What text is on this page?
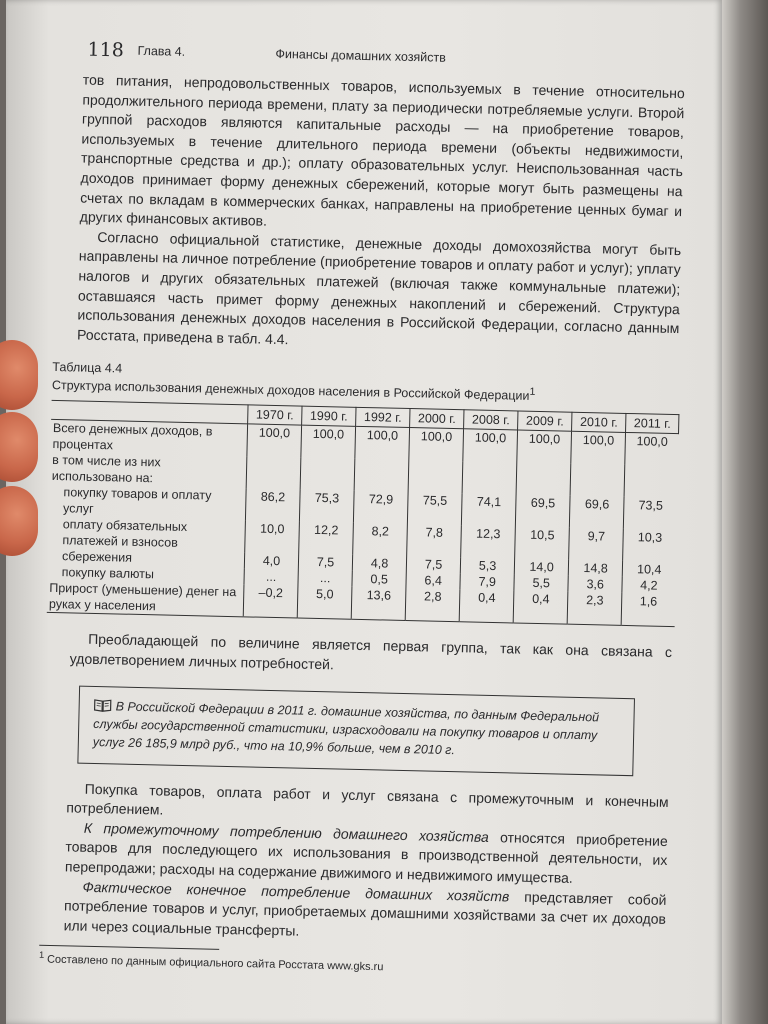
118 Глава 4.	Финансы домашних хозяйств

тов питания, непродовольственных товаров, используемых в течение относительно продолжительного периода времени, плату за периодически потребляемые услуги. Второй группой расходов являются капитальные расходы — на приобретение товаров, используемых в течение длительного периода времени (объекты недвижимости, транспортные средства и др.); оплату образовательных услуг. Неиспользованная часть доходов принимает форму денежных сбережений, которые могут быть размещены на счетах по вкладам в коммерческих банках, направлены на приобретение ценных бумаг и других финансовых активов.

Согласно официальной статистике, денежные доходы домохозяйства могут быть направлены на личное потребление (приобретение товаров и оплату работ и услуг); уплату налогов и других обязательных платежей (включая также коммунальные платежи); оставшаяся часть примет форму денежных накоплений и сбережений. Структура использования денежных доходов населения в Российской Федерации, согласно данным Росстата, приведена в табл. 4.4.

Таблица 4.4
Структура использования денежных доходов населения в Российской Федерации$^1$
	1970 г.	1990 г.	1992 г.	2000 г.	2008 г.	2009 г.	2010 г.	2011 г.
Всего денежных доходов, в процентах	100,0	100,0	100,0	100,0	100,0	100,0	100,0	100,0
в том числе из них использовано на:								
покупку товаров и оплату услуг	86,2	75,3	72,9	75,5	74,1	69,5	69,6	73,5
оплату обязательных платежей и взносов	10,0	12,2	8,2	7,8	12,3	10,5	9,7	10,3
сбережения	4,0	7,5	4,8	7,5	5,3	14,0	14,8	10,4
покупку валюты	...	...	0,5	6,4	7,9	5,5	3,6	4,2
Прирост (уменьшение) денег на руках у населения	–0,2	5,0	13,6	2,8	0,4	0,4	2,3	1,6

Преобладающей по величине является первая группа, так как она связана с удовлетворением личных потребностей.

В Российской Федерации в 2011 г. домашние хозяйства, по данным Федеральной службы государственной статистики, израсходовали на покупку товаров и оплату услуг 26 185,9 млрд руб., что на 10,9% больше, чем в 2010 г.

Покупка товаров, оплата работ и услуг связана с промежуточным и конечным потреблением.

К промежуточному потреблению домашнего хозяйства относятся приобретение товаров для последующего их использования в производственной деятельности, их перепродажи; расходы на содержание движимого и недвижимого имущества.

Фактическое конечное потребление домашних хозяйств представляет собой потребление товаров и услуг, приобретаемых домашними хозяйствами за счет их доходов или через социальные трансферты.

$^1$ Составлено по данным официального сайта Росстата www.gks.ru
